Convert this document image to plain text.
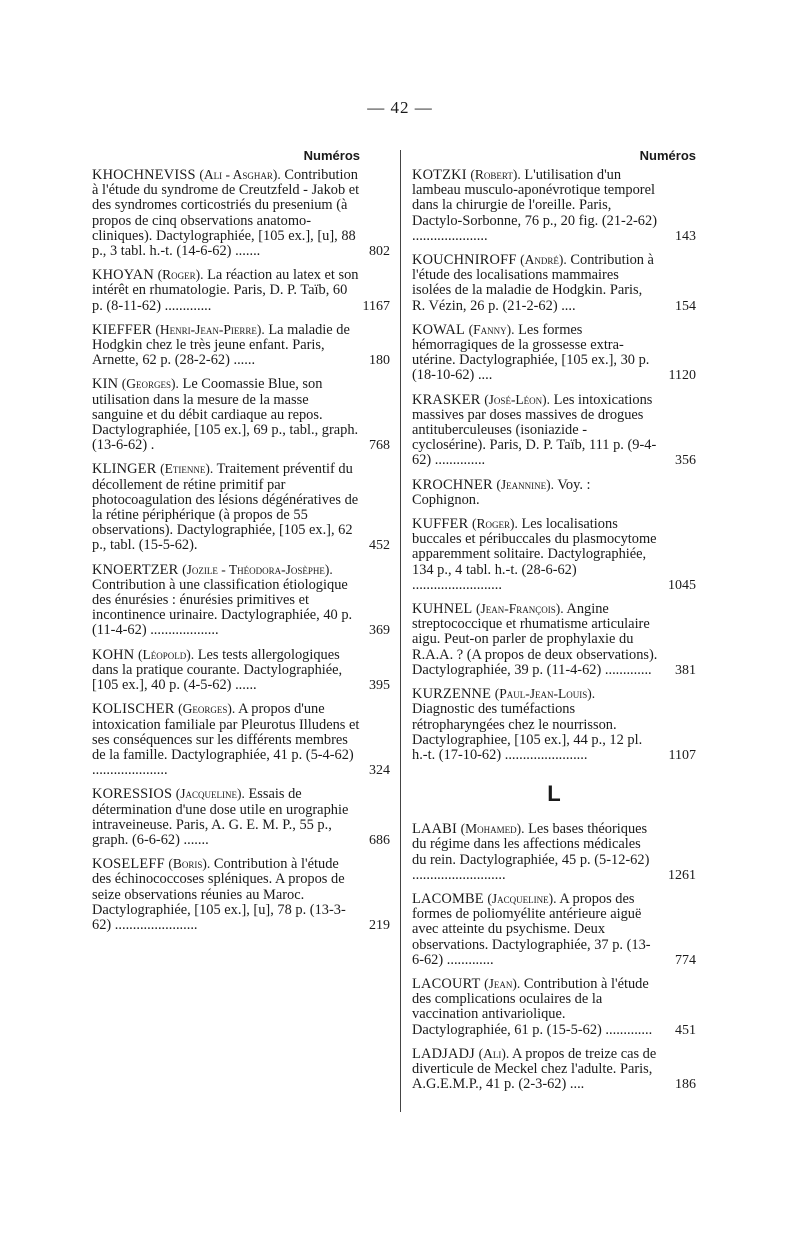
— 42 —
Numéros
KHOCHNEVISS (Ali - Asghar). Contribution à l'étude du syndrome de Creutzfeld - Jakob et des syndromes corticostriés du presenium (à propos de cinq observations anatomo-cliniques). Dactylographiée, [105 ex.], [u], 88 p., 3 tabl. h.-t. (14-6-62) .......	802
KHOYAN (Roger). La réaction au latex et son intérêt en rhumatologie. Paris, D. P. Taïb, 60 p. (8-11-62) .............	1167
KIEFFER (Henri-Jean-Pierre). La maladie de Hodgkin chez le très jeune enfant. Paris, Arnette, 62 p. (28-2-62) ......	180
KIN (Georges). Le Coomassie Blue, son utilisation dans la mesure de la masse sanguine et du débit cardiaque au repos. Dactylographiée, [105 ex.], 69 p., tabl., graph. (13-6-62) .	768
KLINGER (Etienne). Traitement préventif du décollement de rétine primitif par photocoagulation des lésions dégénératives de la rétine périphérique (à propos de 55 observations). Dactylographiée, [105 ex.], 62 p., tabl. (15-5-62).	452
KNOERTZER (Jozile - Théodora-Josèphe). Contribution à une classification étiologique des énurésies : énurésies primitives et incontinence urinaire. Dactylographiée, 40 p. (11-4-62) ...................	369
KOHN (Léopold). Les tests allergologiques dans la pratique courante. Dactylographiée, [105 ex.], 40 p. (4-5-62) ......	395
KOLISCHER (Georges). A propos d'une intoxication familiale par Pleurotus Illudens et ses conséquences sur les différents membres de la famille. Dactylographiée, 41 p. (5-4-62) .....................	324
KORESSIOS (Jacqueline). Essais de détermination d'une dose utile en urographie intraveineuse. Paris, A. G. E. M. P., 55 p., graph. (6-6-62) .......	686
KOSELEFF (Boris). Contribution à l'étude des échinococcoses spléniques. A propos de seize observations réunies au Maroc. Dactylographiée, [105 ex.], [u], 78 p. (13-3-62) .......................	219
Numéros
KOTZKI (Robert). L'utilisation d'un lambeau musculo-aponévrotique temporel dans la chirurgie de l'oreille. Paris, Dactylo-Sorbonne, 76 p., 20 fig. (21-2-62) .....................	143
KOUCHNIROFF (André). Contribution à l'étude des localisations mammaires isolées de la maladie de Hodgkin. Paris, R. Vézin, 26 p. (21-2-62) ....	154
KOWAL (Fanny). Les formes hémorragiques de la grossesse extra-utérine. Dactylographiée, [105 ex.], 30 p. (18-10-62) ....	1120
KRASKER (José-Léon). Les intoxications massives par doses massives de drogues antituberculeuses (isoniazide - cyclosérine). Paris, D. P. Taïb, 111 p. (9-4-62) ..............	356
KROCHNER (Jeannine). Voy. : Cophignon.
KUFFER (Roger). Les localisations buccales et péribuccales du plasmocytome apparemment solitaire. Dactylographiée, 134 p., 4 tabl. h.-t. (28-6-62) .........................	1045
KUHNEL (Jean-François). Angine streptococcique et rhumatisme articulaire aigu. Peut-on parler de prophylaxie du R.A.A. ? (A propos de deux observations). Dactylographiée, 39 p. (11-4-62) .............	381
KURZENNE (Paul-Jean-Louis). Diagnostic des tuméfactions rétropharyngées chez le nourrisson. Dactylographiee, [105 ex.], 44 p., 12 pl. h.-t. (17-10-62) .......................	1107
L
LAABI (Mohamed). Les bases théoriques du régime dans les affections médicales du rein. Dactylographiée, 45 p. (5-12-62) ..........................	1261
LACOMBE (Jacqueline). A propos des formes de poliomyélite antérieure aiguë avec atteinte du psychisme. Deux observations. Dactylographiée, 37 p. (13-6-62) .............	774
LACOURT (Jean). Contribution à l'étude des complications oculaires de la vaccination antivariolique. Dactylographiée, 61 p. (15-5-62) .............	451
LADJADJ (Ali). A propos de treize cas de diverticule de Meckel chez l'adulte. Paris, A.G.E.M.P., 41 p. (2-3-62) ....	186
